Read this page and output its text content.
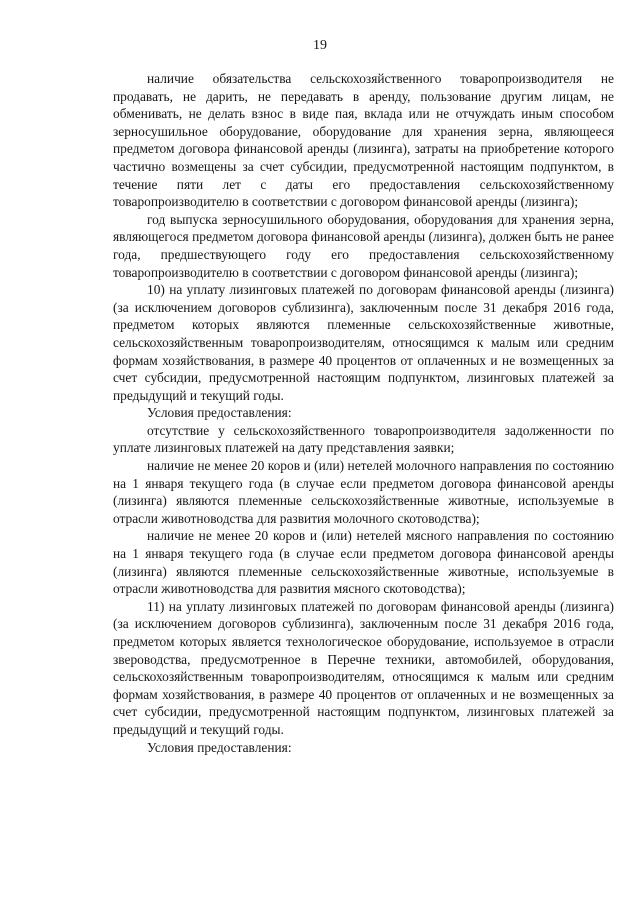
19

наличие обязательства сельскохозяйственного товаропроизводителя не продавать, не дарить, не передавать в аренду, пользование другим лицам, не обменивать, не делать взнос в виде пая, вклада или не отчуждать иным способом зерносушильное оборудование, оборудование для хранения зерна, являющееся предметом договора финансовой аренды (лизинга), затраты на приобретение которого частично возмещены за счет субсидии, предусмотренной настоящим подпунктом, в течение пяти лет с даты его предоставления сельскохозяйственному товаропроизводителю в соответствии с договором финансовой аренды (лизинга);

год выпуска зерносушильного оборудования, оборудования для хранения зерна, являющегося предметом договора финансовой аренды (лизинга), должен быть не ранее года, предшествующего году его предоставления сельскохозяйственному товаропроизводителю в соответствии с договором финансовой аренды (лизинга);

10) на уплату лизинговых платежей по договорам финансовой аренды (лизинга) (за исключением договоров сублизинга), заключенным после 31 декабря 2016 года, предметом которых являются племенные сельскохозяйственные животные, сельскохозяйственным товаропроизводителям, относящимся к малым или средним формам хозяйствования, в размере 40 процентов от оплаченных и не возмещенных за счет субсидии, предусмотренной настоящим подпунктом, лизинговых платежей за предыдущий и текущий годы.

Условия предоставления:

отсутствие у сельскохозяйственного товаропроизводителя задолженности по уплате лизинговых платежей на дату представления заявки;

наличие не менее 20 коров и (или) нетелей молочного направления по состоянию на 1 января текущего года (в случае если предметом договора финансовой аренды (лизинга) являются племенные сельскохозяйственные животные, используемые в отрасли животноводства для развития молочного скотоводства);

наличие не менее 20 коров и (или) нетелей мясного направления по состоянию на 1 января текущего года (в случае если предметом договора финансовой аренды (лизинга) являются племенные сельскохозяйственные животные, используемые в отрасли животноводства для развития мясного скотоводства);

11) на уплату лизинговых платежей по договорам финансовой аренды (лизинга) (за исключением договоров сублизинга), заключенным после 31 декабря 2016 года, предметом которых является технологическое оборудование, используемое в отрасли звероводства, предусмотренное в Перечне техники, автомобилей, оборудования, сельскохозяйственным товаропроизводителям, относящимся к малым или средним формам хозяйствования, в размере 40 процентов от оплаченных и не возмещенных за счет субсидии, предусмотренной настоящим подпунктом, лизинговых платежей за предыдущий и текущий годы.

Условия предоставления:
